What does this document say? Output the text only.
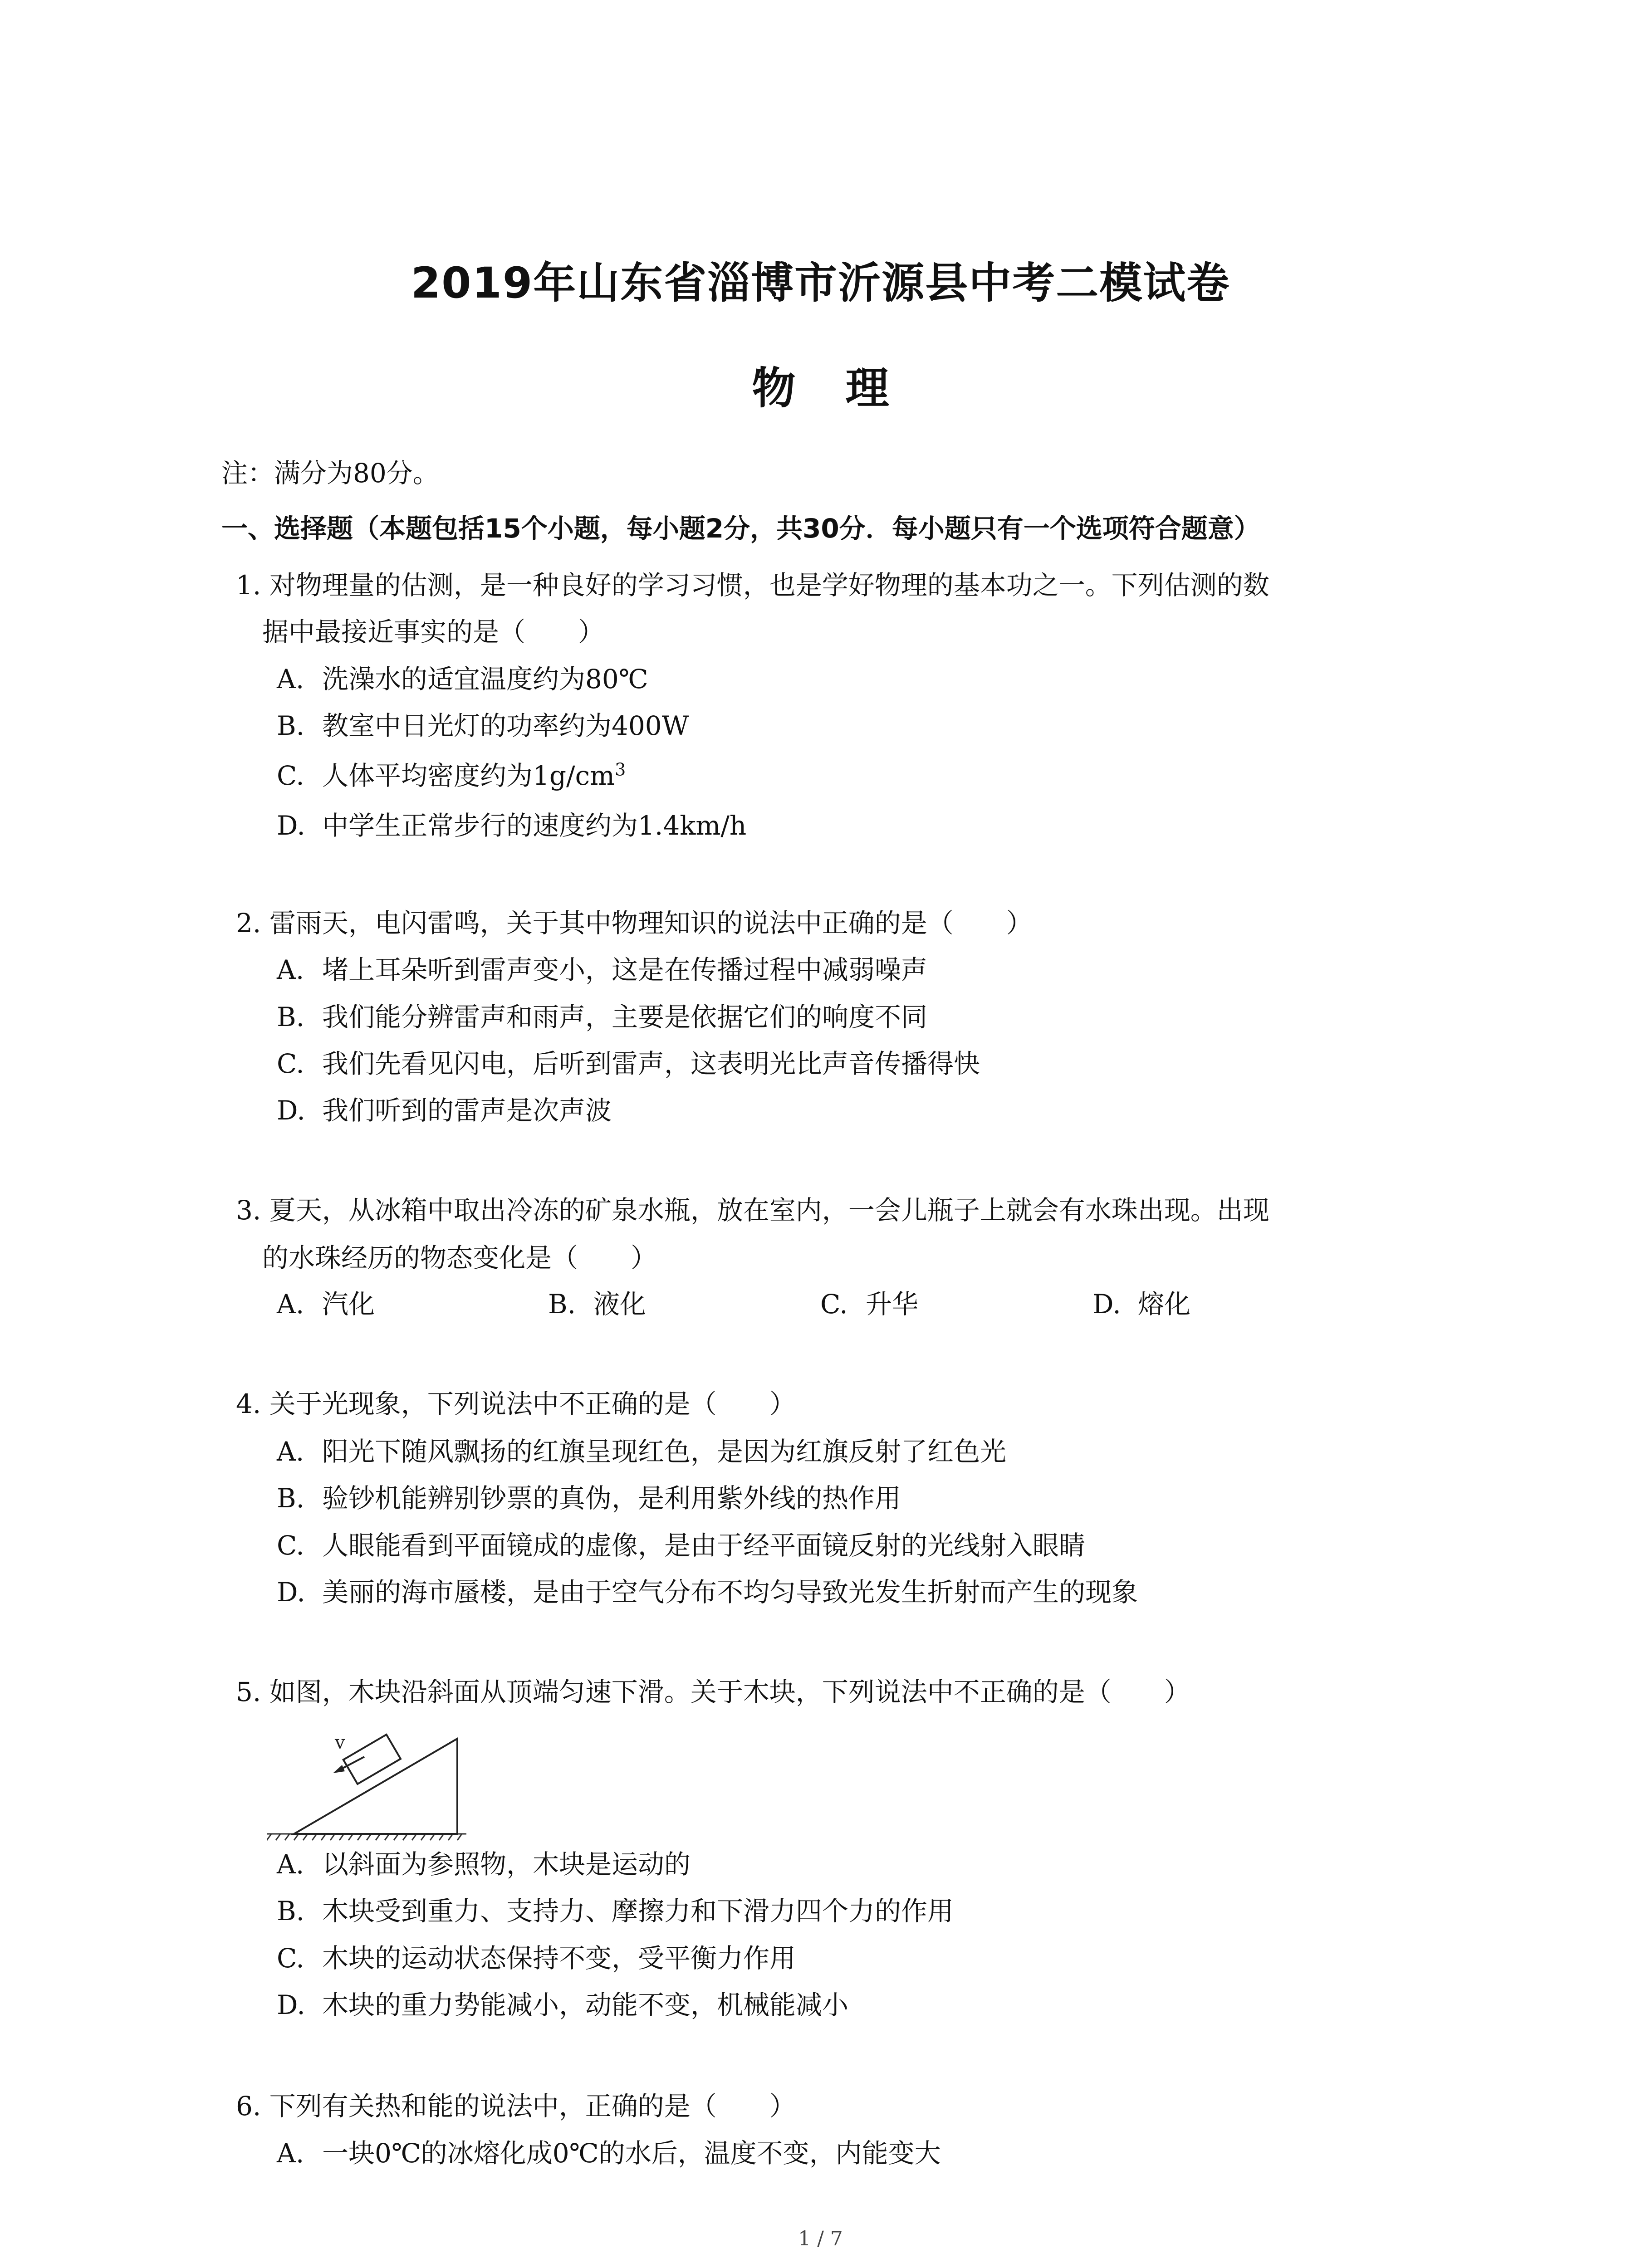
2019年山东省淄博市沂源县中考二模试卷
物理
注：满分为80分。
一、选择题（本题包括15个小题，每小题2分，共30分．每小题只有一个选项符合题意）
1. 对物理量的估测，是一种良好的学习习惯，也是学好物理的基本功之一。下列估测的数
据中最接近事实的是（　　）
A. 洗澡水的适宜温度约为80℃
B. 教室中日光灯的功率约为400W
C. 人体平均密度约为$1g/cm^3$
D. 中学生正常步行的速度约为1.4km/h
2. 雷雨天，电闪雷鸣，关于其中物理知识的说法中正确的是（　　）
A. 堵上耳朵听到雷声变小，这是在传播过程中减弱噪声
B. 我们能分辨雷声和雨声，主要是依据它们的响度不同
C. 我们先看见闪电，后听到雷声，这表明光比声音传播得快
D. 我们听到的雷声是次声波
3. 夏天，从冰箱中取出冷冻的矿泉水瓶，放在室内，一会儿瓶子上就会有水珠出现。出现
的水珠经历的物态变化是（　　）
A. 汽化	B. 液化	C. 升华	D. 熔化
4. 关于光现象，下列说法中不正确的是（　　）
A. 阳光下随风飘扬的红旗呈现红色，是因为红旗反射了红色光
B. 验钞机能辨别钞票的真伪，是利用紫外线的热作用
C. 人眼能看到平面镜成的虚像，是由于经平面镜反射的光线射入眼睛
D. 美丽的海市蜃楼，是由于空气分布不均匀导致光发生折射而产生的现象
5. 如图，木块沿斜面从顶端匀速下滑。关于木块，下列说法中不正确的是（　　）
v
A. 以斜面为参照物，木块是运动的
B. 木块受到重力、支持力、摩擦力和下滑力四个力的作用
C. 木块的运动状态保持不变，受平衡力作用
D. 木块的重力势能减小，动能不变，机械能减小
6. 下列有关热和能的说法中，正确的是（　　）
A. 一块0℃的冰熔化成0℃的水后，温度不变，内能变大
1 / 7
